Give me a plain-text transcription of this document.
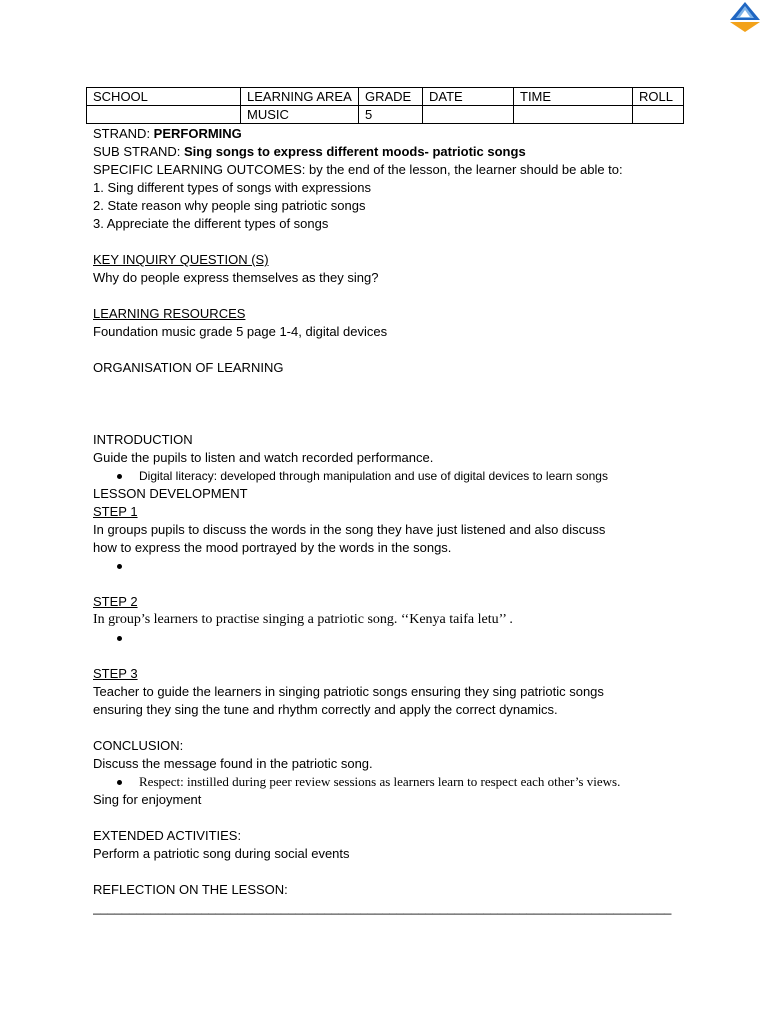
SCHOOL	LEARNING AREA	GRADE	DATE	TIME	ROLL
	MUSIC	5			
STRAND: PERFORMING
SUB STRAND: Sing songs to express different moods- patriotic songs
SPECIFIC LEARNING OUTCOMES: by the end of the lesson, the learner should be able to:
1. Sing different types of songs with expressions
2. State reason why people sing patriotic songs
3. Appreciate the different types of songs
KEY INQUIRY QUESTION (S)
Why do people express themselves as they sing?
LEARNING RESOURCES
Foundation music grade 5 page 1-4, digital devices
ORGANISATION OF LEARNING
INTRODUCTION
Guide the pupils to listen and watch recorded performance.
Digital literacy: developed through manipulation and use of digital devices to learn songs
LESSON DEVELOPMENT
STEP 1
In groups pupils to discuss the words in the song they have just listened and also discuss
how to express the mood portrayed by the words in the songs.
STEP 2
In group’s learners to practise singing a patriotic song. ‘‘Kenya taifa letu’’ .
STEP 3
Teacher to guide the learners in singing patriotic songs ensuring they sing patriotic songs
ensuring they sing the tune and rhythm correctly and apply the correct dynamics.
CONCLUSION:
Discuss the message found in the patriotic song.
Respect: instilled during peer review sessions as learners learn to respect each other’s views.
Sing for enjoyment
EXTENDED ACTIVITIES:
Perform a patriotic song during social events
REFLECTION ON THE LESSON:
________________________________________________________________________________
